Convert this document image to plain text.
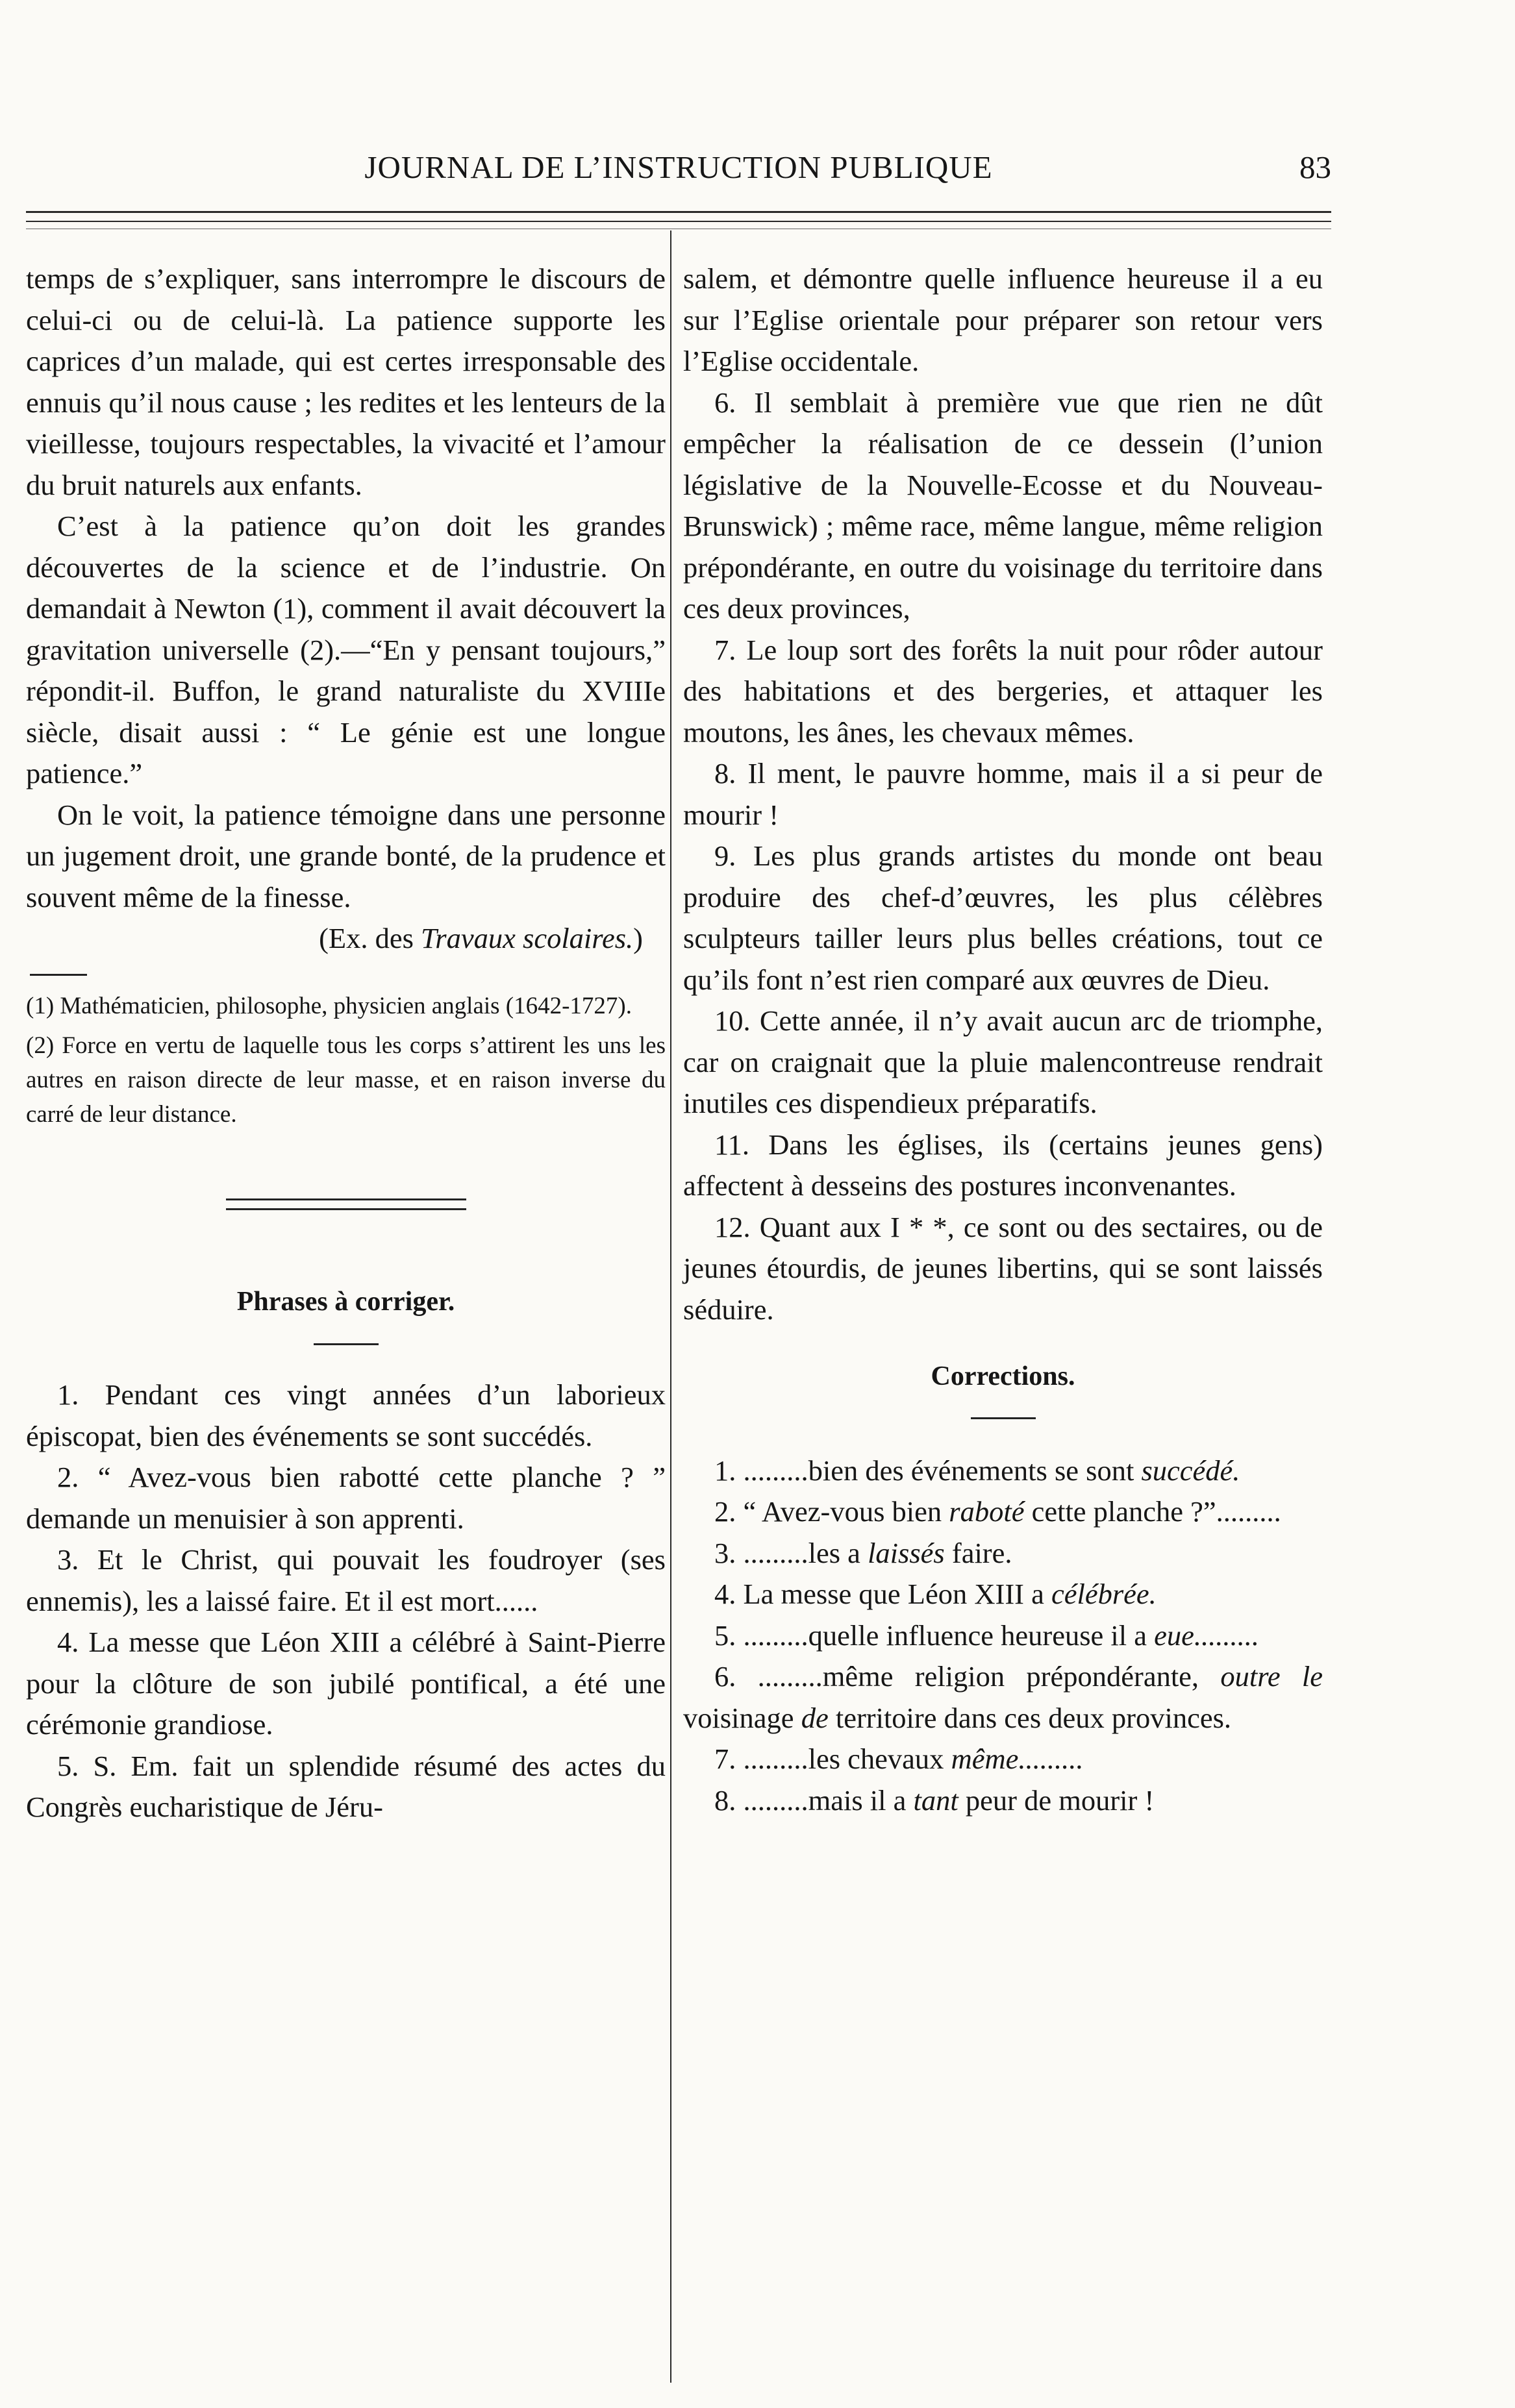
JOURNAL DE L’INSTRUCTION PUBLIQUE	83

temps de s’expliquer, sans interrompre le discours de celui-ci ou de celui-là. La patience supporte les caprices d’un malade, qui est certes irresponsable des ennuis qu’il nous cause ; les redites et les lenteurs de la vieillesse, toujours respectables, la vivacité et l’amour du bruit naturels aux enfants.

C’est à la patience qu’on doit les grandes découvertes de la science et de l’industrie. On demandait à Newton (1), comment il avait découvert la gravitation universelle (2).—“En y pensant toujours,” répondit-il. Buffon, le grand naturaliste du XVIIIe siècle, disait aussi : “ Le génie est une longue patience.”

On le voit, la patience témoigne dans une personne un jugement droit, une grande bonté, de la prudence et souvent même de la finesse.

(Ex. des Travaux scolaires.)

(1) Mathématicien, philosophe, physicien anglais (1642-1727).

(2) Force en vertu de laquelle tous les corps s’attirent les uns les autres en raison directe de leur masse, et en raison inverse du carré de leur distance.

Phrases à corriger.

1. Pendant ces vingt années d’un laborieux épiscopat, bien des événements se sont succédés.

2. “ Avez-vous bien rabotté cette planche ? ” demande un menuisier à son apprenti.

3. Et le Christ, qui pouvait les foudroyer (ses ennemis), les a laissé faire. Et il est mort......

4. La messe que Léon XIII a célébré à Saint-Pierre pour la clôture de son jubilé pontifical, a été une cérémonie grandiose.

5. S. Em. fait un splendide résumé des actes du Congrès eucharistique de Jéru-

salem, et démontre quelle influence heureuse il a eu sur l’Eglise orientale pour préparer son retour vers l’Eglise occidentale.

6. Il semblait à première vue que rien ne dût empêcher la réalisation de ce dessein (l’union législative de la Nouvelle-Ecosse et du Nouveau-Brunswick) ; même race, même langue, même religion prépondérante, en outre du voisinage du territoire dans ces deux provinces,

7. Le loup sort des forêts la nuit pour rôder autour des habitations et des bergeries, et attaquer les moutons, les ânes, les chevaux mêmes.

8. Il ment, le pauvre homme, mais il a si peur de mourir !

9. Les plus grands artistes du monde ont beau produire des chef-d’œuvres, les plus célèbres sculpteurs tailler leurs plus belles créations, tout ce qu’ils font n’est rien comparé aux œuvres de Dieu.

10. Cette année, il n’y avait aucun arc de triomphe, car on craignait que la pluie malencontreuse rendrait inutiles ces dispendieux préparatifs.

11. Dans les églises, ils (certains jeunes gens) affectent à desseins des postures inconvenantes.

12. Quant aux I * *, ce sont ou des sectaires, ou de jeunes étourdis, de jeunes libertins, qui se sont laissés séduire.

Corrections.

1. .........bien des événements se sont succédé.

2. “ Avez-vous bien raboté cette planche ?”.........

3. .........les a laissés faire.

4. La messe que Léon XIII a célébrée.

5. .........quelle influence heureuse il a eue.........

6. .........même religion prépondérante, outre le voisinage de territoire dans ces deux provinces.

7. .........les chevaux même.........

8. .........mais il a tant peur de mourir !
